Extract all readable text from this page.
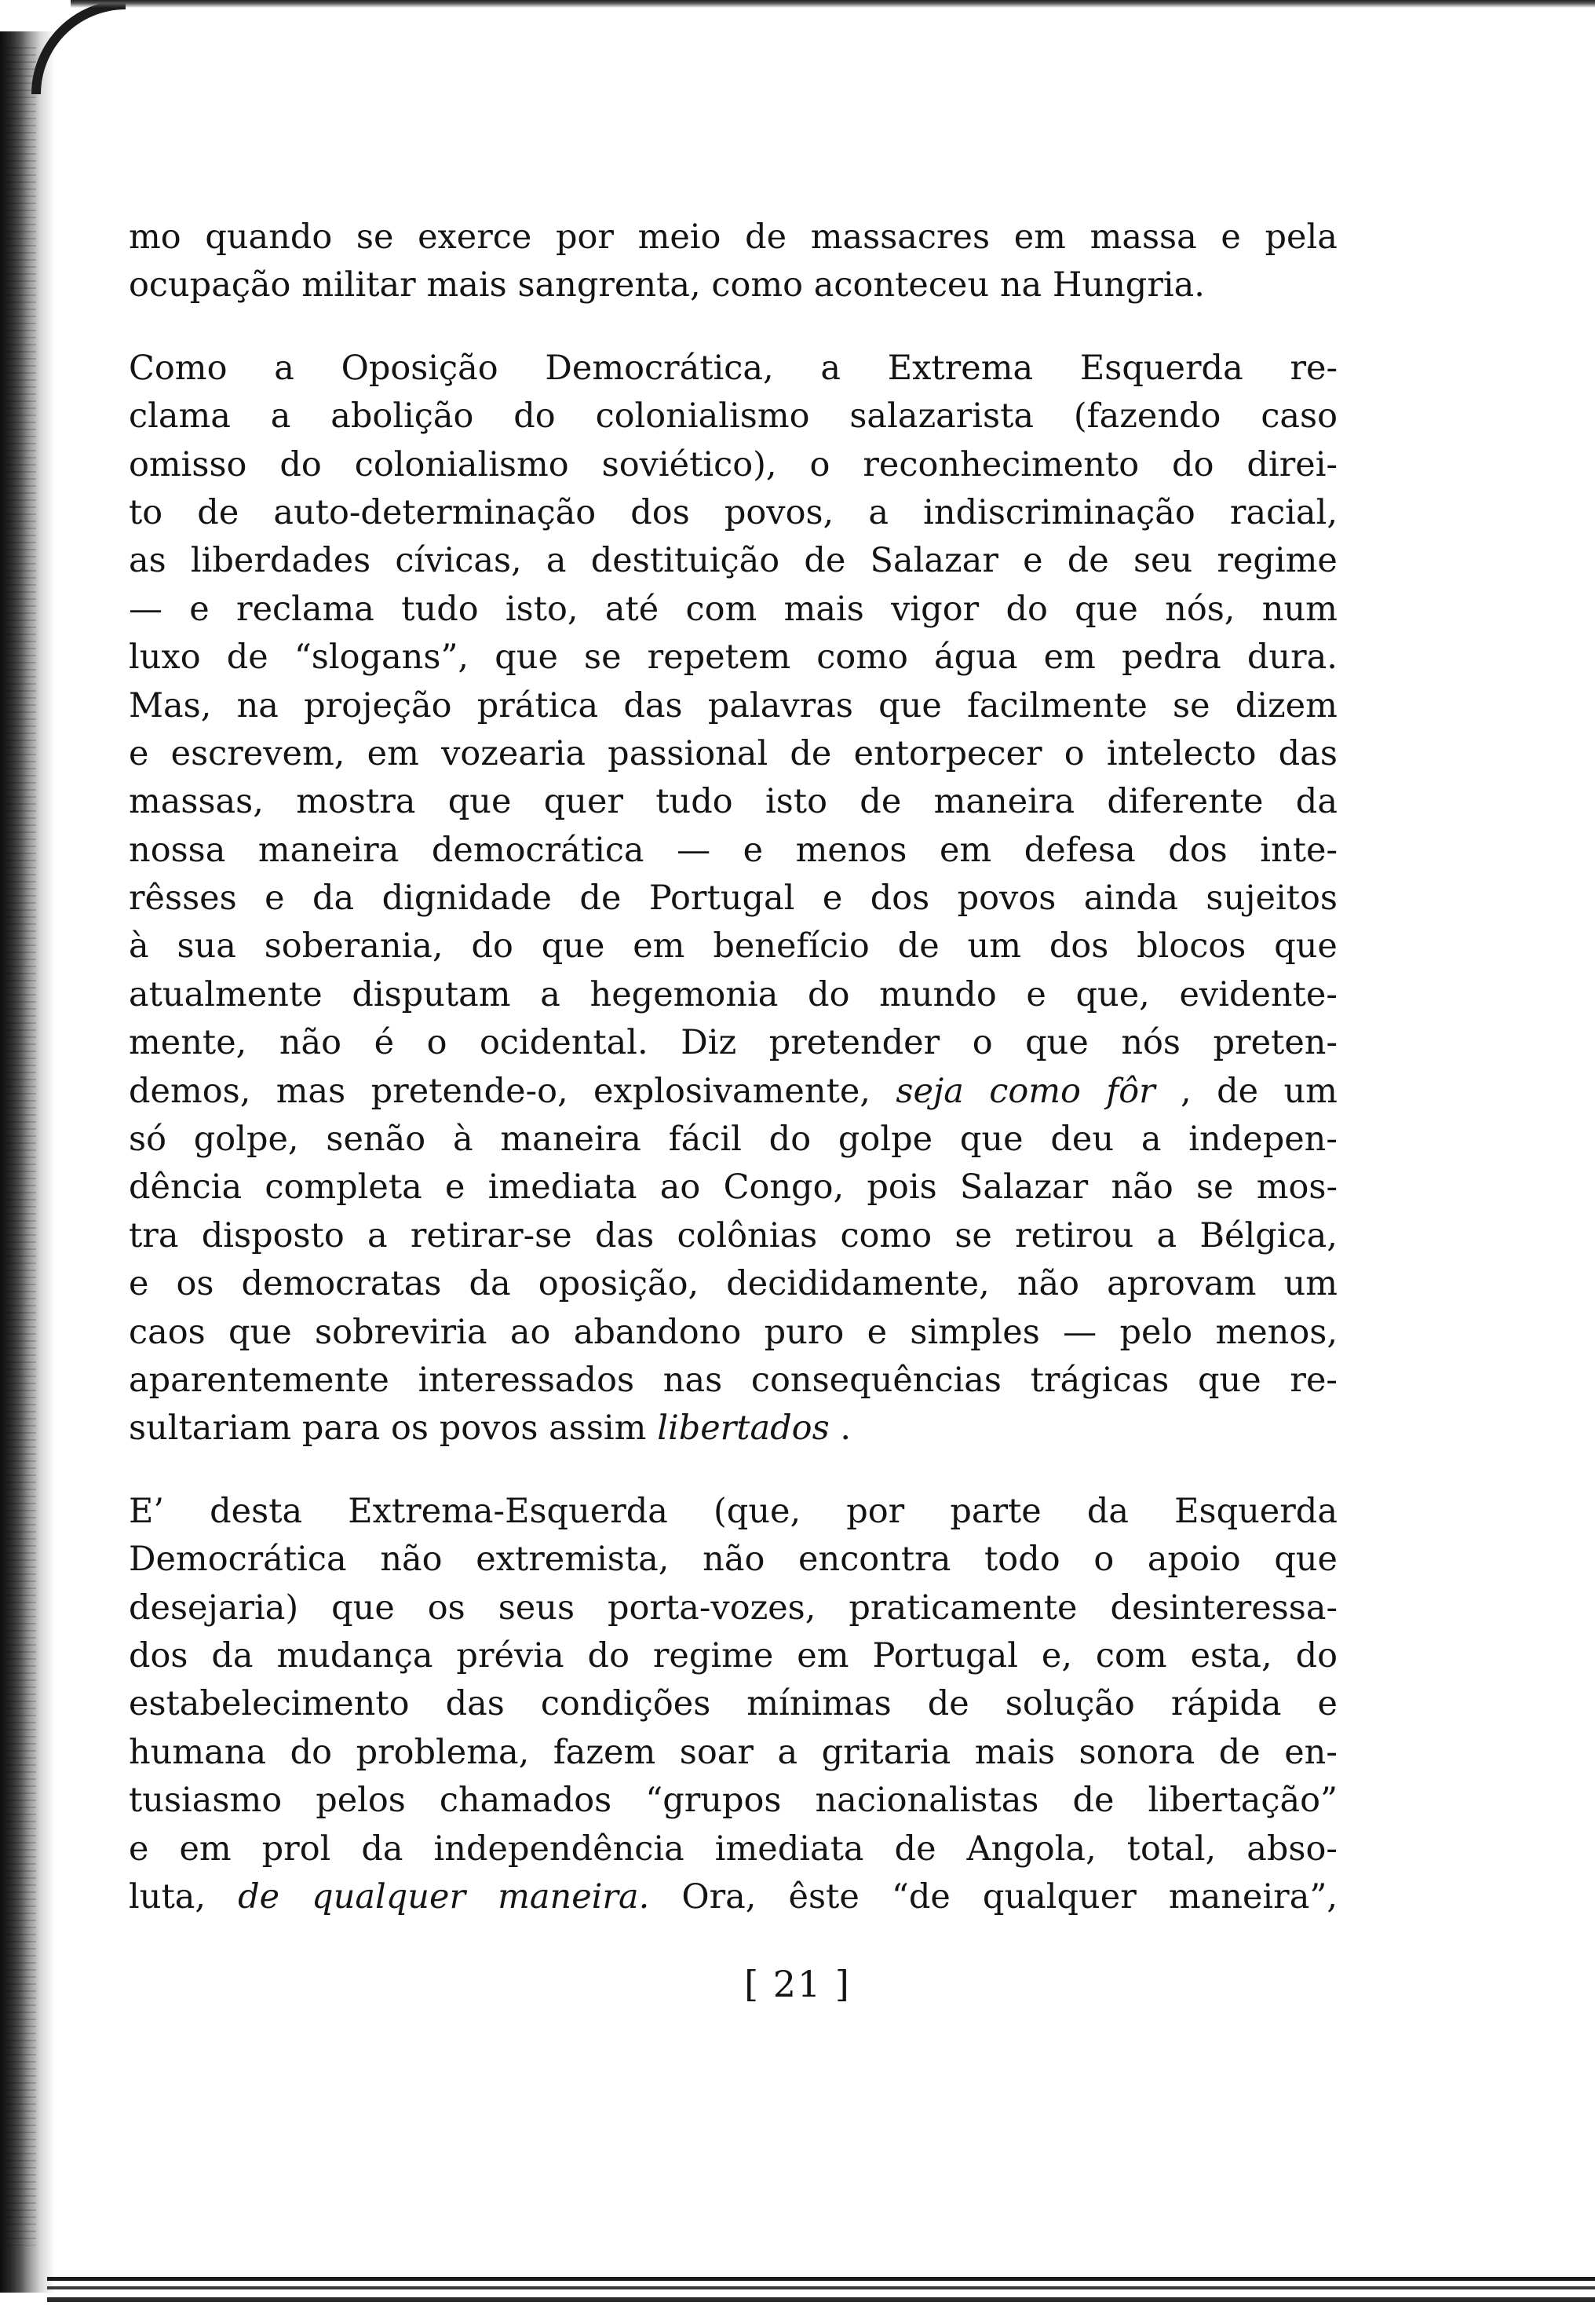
mo quando se exerce por meio de massacres em massa e pela
ocupação militar mais sangrenta, como aconteceu na Hungria.
Como a Oposição Democrática, a Extrema Esquerda re-
clama a abolição do colonialismo salazarista (fazendo caso
omisso do colonialismo soviético), o reconhecimento do direi-
to de auto-determinação dos povos, a indiscriminação racial,
as liberdades cívicas, a destituição de Salazar e de seu regime
— e reclama tudo isto, até com mais vigor do que nós, num
luxo de “slogans”, que se repetem como água em pedra dura.
Mas, na projeção prática das palavras que facilmente se dizem
e escrevem, em vozearia passional de entorpecer o intelecto das
massas, mostra que quer tudo isto de maneira diferente da
nossa maneira democrática — e menos em defesa dos inte-
rêsses e da dignidade de Portugal e dos povos ainda sujeitos
à sua soberania, do que em benefício de um dos blocos que
atualmente disputam a hegemonia do mundo e que, evidente-
mente, não é o ocidental. Diz pretender o que nós preten-
demos, mas pretende-o, explosivamente, seja como fôr , de um
só golpe, senão à maneira fácil do golpe que deu a indepen-
dência completa e imediata ao Congo, pois Salazar não se mos-
tra disposto a retirar-se das colônias como se retirou a Bélgica,
e os democratas da oposição, decididamente, não aprovam um
caos que sobreviria ao abandono puro e simples — pelo menos,
aparentemente interessados nas consequências trágicas que re-
sultariam para os povos assim libertados .
E’ desta Extrema-Esquerda (que, por parte da Esquerda
Democrática não extremista, não encontra todo o apoio que
desejaria) que os seus porta-vozes, praticamente desinteressa-
dos da mudança prévia do regime em Portugal e, com esta, do
estabelecimento das condições mínimas de solução rápida e
humana do problema, fazem soar a gritaria mais sonora de en-
tusiasmo pelos chamados “grupos nacionalistas de libertação”
e em prol da independência imediata de Angola, total, abso-
luta, de qualquer maneira. Ora, êste “de qualquer maneira”,
[ 21 ]
